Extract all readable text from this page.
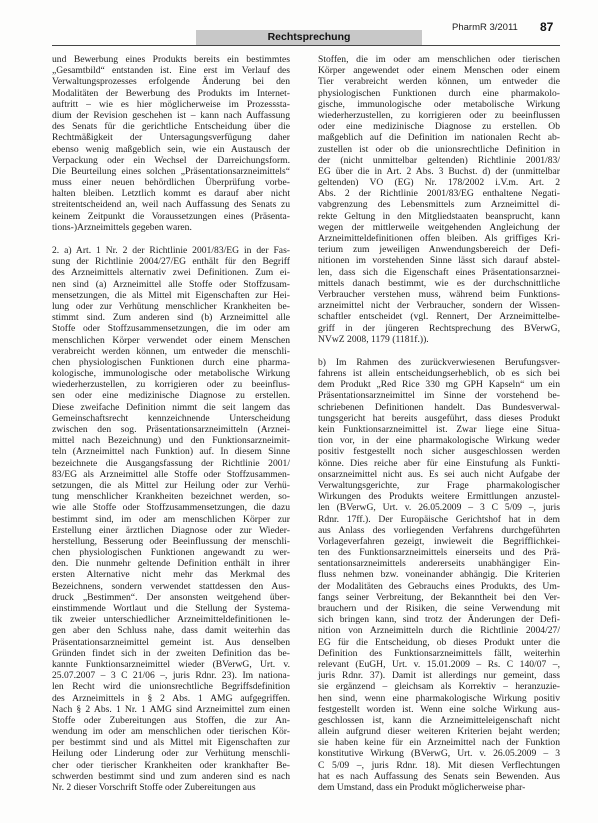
Rechtsprechung
PharmR 3/2011 87
und Bewerbung eines Produkts bereits ein bestimmtes
„Gesamtbild“ entstanden ist. Eine erst im Verlauf des
Verwaltungsprozesses erfolgende Änderung bei den
Modalitäten der Bewerbung des Produkts im Internet-
auftritt – wie es hier möglicherweise im Prozesssta-
dium der Revision geschehen ist – kann nach Auffassung
des Senats für die gerichtliche Entscheidung über die
Rechtmäßigkeit der Untersagungsverfügung daher
ebenso wenig maßgeblich sein, wie ein Austausch der
Verpackung oder ein Wechsel der Darreichungsform.
Die Beurteilung eines solchen „Präsentationsarzneimittels“
muss einer neuen behördlichen Überprüfung vorbe-
halten bleiben. Letztlich kommt es darauf aber nicht
streitentscheidend an, weil nach Auffassung des Senats zu
keinem Zeitpunkt die Voraussetzungen eines (Präsenta-
tions-)Arzneimittels gegeben waren.
2. a) Art. 1 Nr. 2 der Richtlinie 2001/83/EG in der Fas-
sung der Richtlinie 2004/27/EG enthält für den Begriff
des Arzneimittels alternativ zwei Definitionen. Zum ei-
nen sind (a) Arzneimittel alle Stoffe oder Stoffzusam-
mensetzungen, die als Mittel mit Eigenschaften zur Hei-
lung oder zur Verhütung menschlicher Krankheiten be-
stimmt sind. Zum anderen sind (b) Arzneimittel alle
Stoffe oder Stoffzusammensetzungen, die im oder am
menschlichen Körper verwendet oder einem Menschen
verabreicht werden können, um entweder die menschli-
chen physiologischen Funktionen durch eine pharma-
kologische, immunologische oder metabolische Wirkung
wiederherzustellen, zu korrigieren oder zu beeinflus-
sen oder eine medizinische Diagnose zu erstellen.
Diese zweifache Definition nimmt die seit langem das
Gemeinschaftsrecht kennzeichnende Unterscheidung
zwischen den sog. Präsentationsarzneimitteln (Arznei-
mittel nach Bezeichnung) und den Funktionsarzneimit-
teln (Arzneimittel nach Funktion) auf. In diesem Sinne
bezeichnete die Ausgangsfassung der Richtlinie 2001/
83/EG als Arzneimittel alle Stoffe oder Stoffzusammen-
setzungen, die als Mittel zur Heilung oder zur Verhü-
tung menschlicher Krankheiten bezeichnet werden, so-
wie alle Stoffe oder Stoffzusammensetzungen, die dazu
bestimmt sind, im oder am menschlichen Körper zur
Erstellung einer ärztlichen Diagnose oder zur Wieder-
herstellung, Besserung oder Beeinflussung der menschli-
chen physiologischen Funktionen angewandt zu wer-
den. Die nunmehr geltende Definition enthält in ihrer
ersten Alternative nicht mehr das Merkmal des
Bezeichnens, sondern verwendet stattdessen den Aus-
druck „Bestimmen“. Der ansonsten weitgehend über-
einstimmende Wortlaut und die Stellung der Systema-
tik zweier unterschiedlicher Arzneimitteldefinitionen le-
gen aber den Schluss nahe, dass damit weiterhin das
Präsentationsarzneimittel gemeint ist. Aus denselben
Gründen findet sich in der zweiten Definition das be-
kannte Funktionsarzneimittel wieder (BVerwG, Urt. v.
25.07.2007 – 3 C 21/06 –, juris Rdnr. 23). Im nationa-
len Recht wird die unionsrechtliche Begriffsdefinition
des Arzneimittels in § 2 Abs. 1 AMG aufgegriffen.
Nach § 2 Abs. 1 Nr. 1 AMG sind Arzneimittel zum einen
Stoffe oder Zubereitungen aus Stoffen, die zur An-
wendung im oder am menschlichen oder tierischen Kör-
per bestimmt sind und als Mittel mit Eigenschaften zur
Heilung oder Linderung oder zur Verhütung menschli-
cher oder tierischer Krankheiten oder krankhafter Be-
schwerden bestimmt sind und zum anderen sind es nach
Nr. 2 dieser Vorschrift Stoffe oder Zubereitungen aus
Stoffen, die im oder am menschlichen oder tierischen
Körper angewendet oder einem Menschen oder einem
Tier verabreicht werden können, um entweder die
physiologischen Funktionen durch eine pharmakolo-
gische, immunologische oder metabolische Wirkung
wiederherzustellen, zu korrigieren oder zu beeinflussen
oder eine medizinische Diagnose zu erstellen. Ob
maßgeblich auf die Definition im nationalen Recht ab-
zustellen ist oder ob die unionsrechtliche Definition in
der (nicht unmittelbar geltenden) Richtlinie 2001/83/
EG über die in Art. 2 Abs. 3 Buchst. d) der (unmittelbar
geltenden) VO (EG) Nr. 178/2002 i.V.m. Art. 2
Abs. 2 der Richtlinie 2001/83/EG enthaltene Negati-
vabgrenzung des Lebensmittels zum Arzneimittel di-
rekte Geltung in den Mitgliedstaaten beansprucht, kann
wegen der mittlerweile weitgehenden Angleichung der
Arzneimitteldefinitionen offen bleiben. Als griffiges Kri-
terium zum jeweiligen Anwendungsbereich der Defi-
nitionen im vorstehenden Sinne lässt sich darauf abstel-
len, dass sich die Eigenschaft eines Präsentationsarznei-
mittels danach bestimmt, wie es der durchschnittliche
Verbraucher verstehen muss, während beim Funktions-
arzneimittel nicht der Verbraucher, sondern der Wissen-
schaftler entscheidet (vgl. Rennert, Der Arzneimittelbe-
griff in der jüngeren Rechtsprechung des BVerwG,
NVwZ 2008, 1179 (1181f.)).
b) Im Rahmen des zurückverwiesenen Berufungsver-
fahrens ist allein entscheidungserheblich, ob es sich bei
dem Produkt „Red Rice 330 mg GPH Kapseln“ um ein
Präsentationsarzneimittel im Sinne der vorstehend be-
schriebenen Definitionen handelt. Das Bundesverwal-
tungsgericht hat bereits ausgeführt, dass dieses Produkt
kein Funktionsarzneimittel ist. Zwar liege eine Situa-
tion vor, in der eine pharmakologische Wirkung weder
positiv festgestellt noch sicher ausgeschlossen werden
könne. Dies reiche aber für eine Einstufung als Funkti-
onsarzneimittel nicht aus. Es sei auch nicht Aufgabe der
Verwaltungsgerichte, zur Frage pharmakologischer
Wirkungen des Produkts weitere Ermittlungen anzustel-
len (BVerwG, Urt. v. 26.05.2009 – 3 C 5/09 –, juris
Rdnr. 17ff.). Der Europäische Gerichtshof hat in dem
aus Anlass des vorliegenden Verfahrens durchgeführten
Vorlageverfahren gezeigt, inwieweit die Begrifflichkei-
ten des Funktionsarzneimittels einerseits und des Prä-
sentationsarzneimittels andererseits unabhängiger Ein-
fluss nehmen bzw. voneinander abhängig. Die Kriterien
der Modalitäten des Gebrauchs eines Produkts, des Um-
fangs seiner Verbreitung, der Bekanntheit bei den Ver-
brauchern und der Risiken, die seine Verwendung mit
sich bringen kann, sind trotz der Änderungen der Defi-
nition von Arzneimitteln durch die Richtlinie 2004/27/
EG für die Entscheidung, ob dieses Produkt unter die
Definition des Funktionsarzneimittels fällt, weiterhin
relevant (EuGH, Urt. v. 15.01.2009 – Rs. C 140/07 –,
juris Rdnr. 37). Damit ist allerdings nur gemeint, dass
sie ergänzend – gleichsam als Korrektiv – heranzuzie-
hen sind, wenn eine pharmakologische Wirkung positiv
festgestellt worden ist. Wenn eine solche Wirkung aus-
geschlossen ist, kann die Arzneimitteleigenschaft nicht
allein aufgrund dieser weiteren Kriterien bejaht werden;
sie haben keine für ein Arzneimittel nach der Funktion
konstitutive Wirkung (BVerwG, Urt. v. 26.05.2009 – 3
C 5/09 –, juris Rdnr. 18). Mit diesen Verflechtungen
hat es nach Auffassung des Senats sein Bewenden. Aus
dem Umstand, dass ein Produkt möglicherweise phar-
